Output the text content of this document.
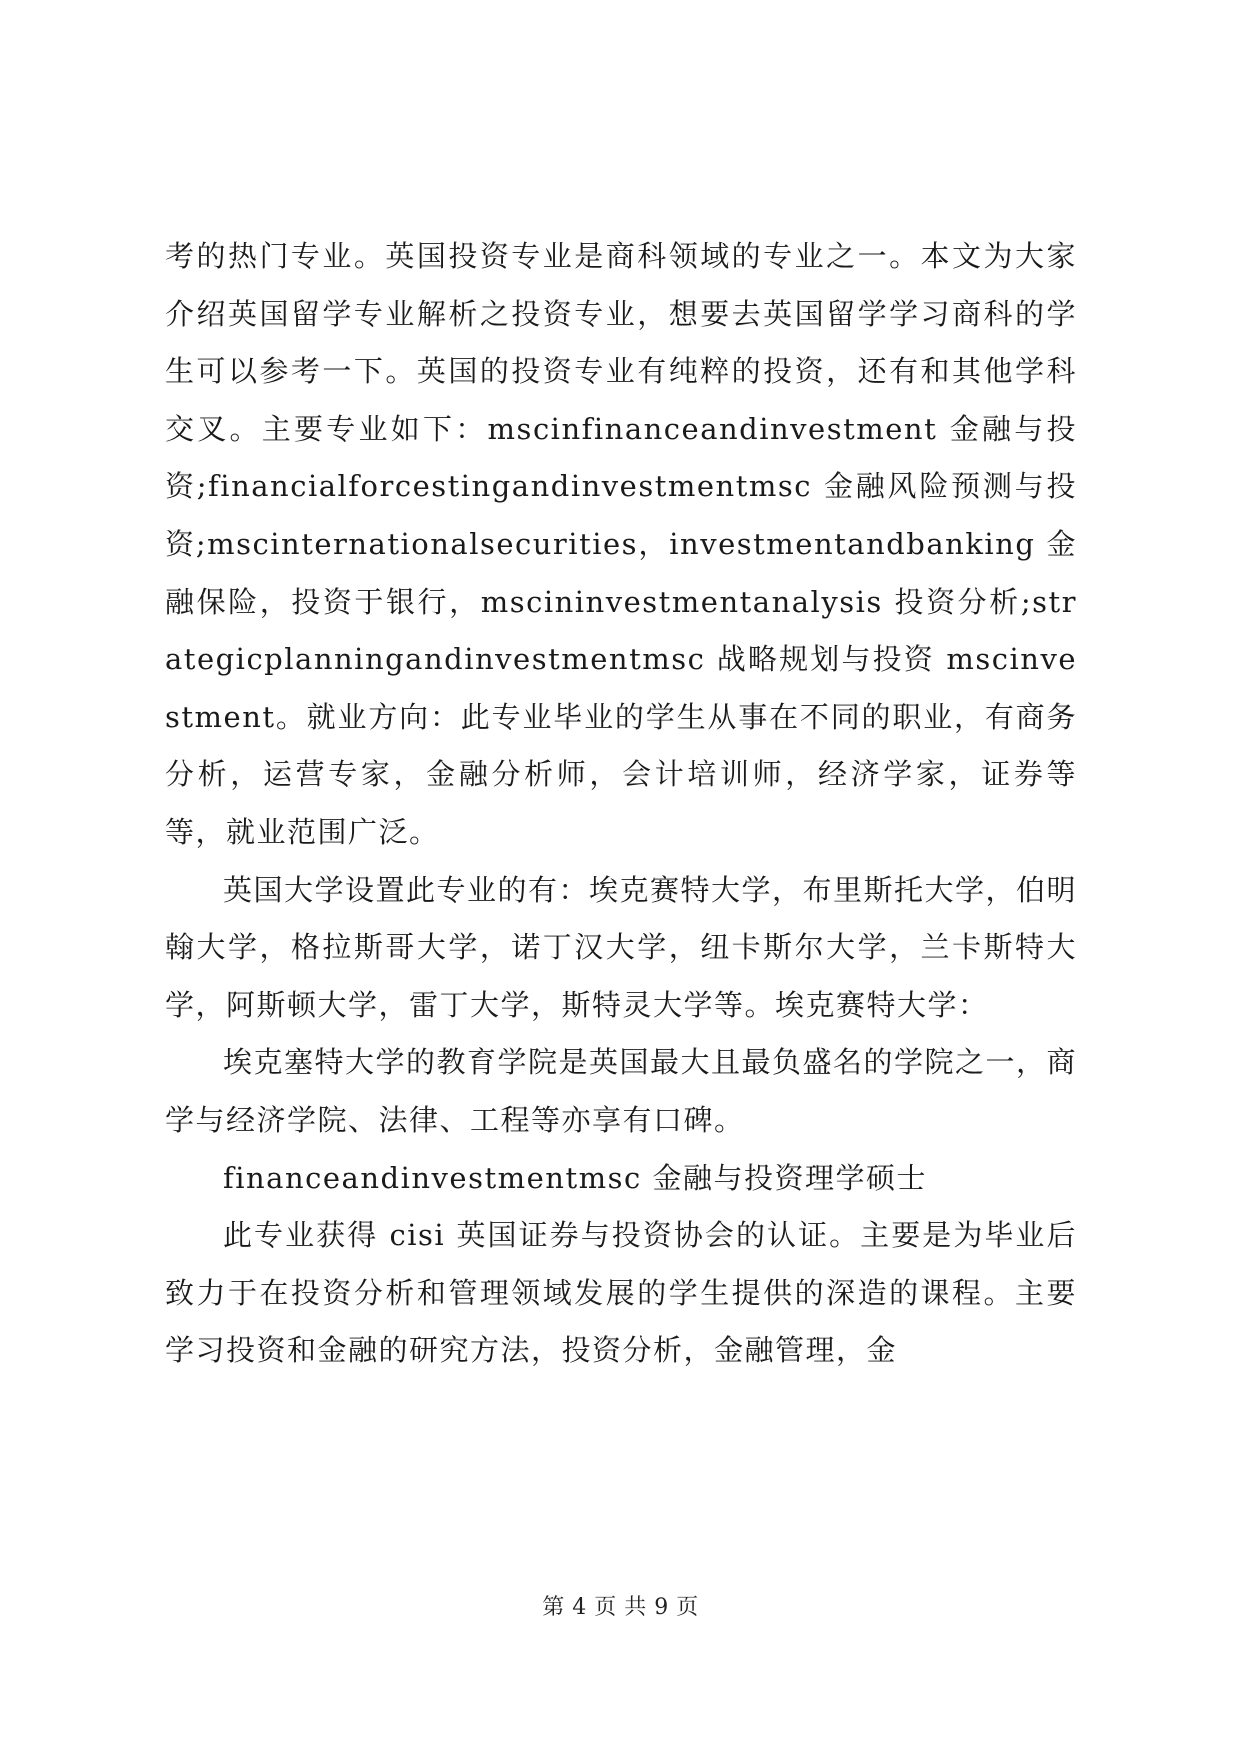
考的热门专业。英国投资专业是商科领域的专业之一。本文为大家介绍英国留学专业解析之投资专业，想要去英国留学学习商科的学生可以参考一下。英国的投资专业有纯粹的投资，还有和其他学科交叉。主要专业如下：mscinfinanceandinvestment 金融与投资;financialforcestingandinvestmentmsc 金融风险预测与投资;mscinternationalsecurities，investmentandbanking 金融保险，投资于银行，mscininvestmentanalysis 投资分析;strategicplanningandinvestmentmsc 战略规划与投资 mscinvestment。就业方向：此专业毕业的学生从事在不同的职业，有商务分析，运营专家，金融分析师，会计培训师，经济学家，证券等等，就业范围广泛。

英国大学设置此专业的有：埃克赛特大学，布里斯托大学，伯明翰大学，格拉斯哥大学，诺丁汉大学，纽卡斯尔大学，兰卡斯特大学，阿斯顿大学，雷丁大学，斯特灵大学等。埃克赛特大学：

埃克塞特大学的教育学院是英国最大且最负盛名的学院之一，商学与经济学院、法律、工程等亦享有口碑。

financeandinvestmentmsc 金融与投资理学硕士

此专业获得 cisi 英国证券与投资协会的认证。主要是为毕业后致力于在投资分析和管理领域发展的学生提供的深造的课程。主要学习投资和金融的研究方法，投资分析，金融管理，金

第 4 页 共 9 页
